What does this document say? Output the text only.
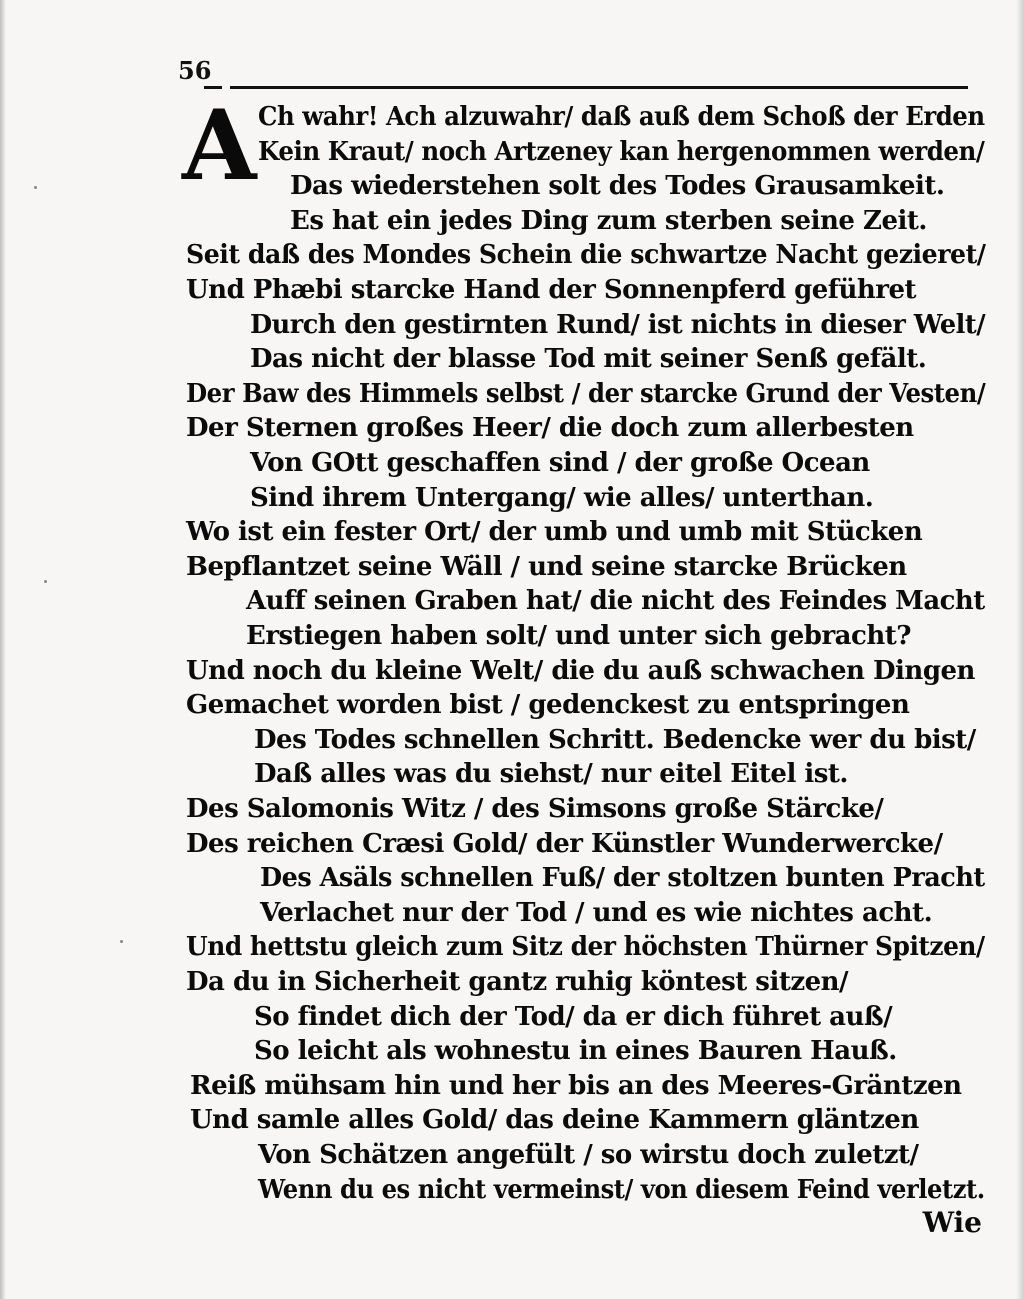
56
A Ch wahr! Ach alzuwahr/ daß auß dem Schoß der Erden
Kein Kraut/ noch Artzeney kan hergenommen werden/
Das wiederstehen solt des Todes Grausamkeit.
Es hat ein jedes Ding zum sterben seine Zeit.
Seit daß des Mondes Schein die schwartze Nacht gezieret/
Und Phæbi starcke Hand der Sonnenpferd geführet
Durch den gestirnten Rund/ ist nichts in dieser Welt/
Das nicht der blasse Tod mit seiner Senß gefält.
Der Baw des Himmels selbst / der starcke Grund der Vesten/
Der Sternen großes Heer/ die doch zum allerbesten
Von GOtt geschaffen sind / der große Ocean
Sind ihrem Untergang/ wie alles/ unterthan.
Wo ist ein fester Ort/ der umb und umb mit Stücken
Bepflantzet seine Wäll / und seine starcke Brücken
Auff seinen Graben hat/ die nicht des Feindes Macht
Erstiegen haben solt/ und unter sich gebracht?
Und noch du kleine Welt/ die du auß schwachen Dingen
Gemachet worden bist / gedenckest zu entspringen
Des Todes schnellen Schritt. Bedencke wer du bist/
Daß alles was du siehst/ nur eitel Eitel ist.
Des Salomonis Witz / des Simsons große Stärcke/
Des reichen Cræsi Gold/ der Künstler Wunderwercke/
Des Asäls schnellen Fuß/ der stoltzen bunten Pracht
Verlachet nur der Tod / und es wie nichtes acht.
Und hettstu gleich zum Sitz der höchsten Thürner Spitzen/
Da du in Sicherheit gantz ruhig köntest sitzen/
So findet dich der Tod/ da er dich führet auß/
So leicht als wohnestu in eines Bauren Hauß.
Reiß mühsam hin und her bis an des Meeres-Gräntzen
Und samle alles Gold/ das deine Kammern gläntzen
Von Schätzen angefült / so wirstu doch zuletzt/
Wenn du es nicht vermeinst/ von diesem Feind verletzt.
Wie
